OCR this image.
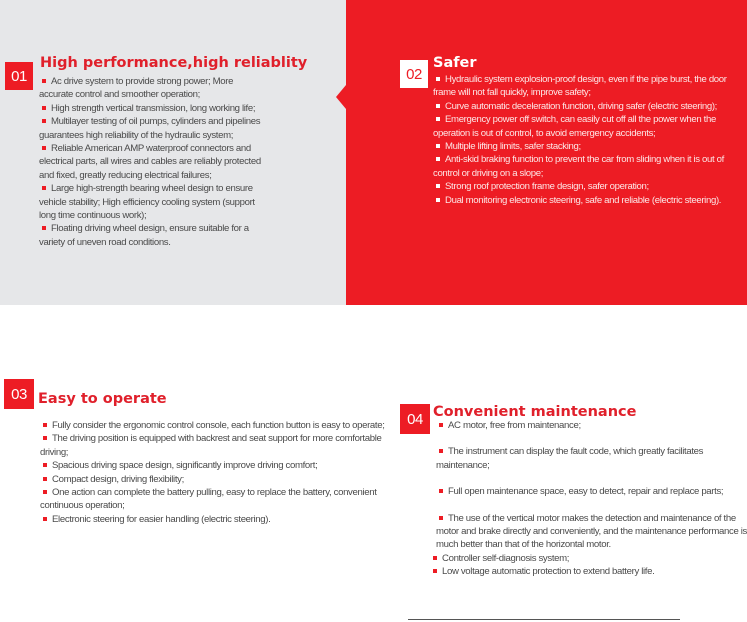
01
High performance,high reliablity
Ac drive system to provide strong power; More accurate control and smoother operation;
High strength vertical transmission, long working life;
Multilayer testing of oil pumps, cylinders and pipelines guarantees high reliability of the hydraulic system;
Reliable American AMP waterproof connectors and electrical parts, all wires and cables are reliably protected and fixed, greatly reducing electrical failures;
Large high-strength bearing wheel design to ensure vehicle stability; High efficiency cooling system (support long time continuous work);
Floating driving wheel design, ensure suitable for a variety of uneven road conditions.
02
Safer
Hydraulic system explosion-proof design, even if the pipe burst, the door frame will not fall quickly, improve safety;
Curve automatic deceleration function, driving safer (electric steering);
Emergency power off switch, can easily cut off all the power when the operation is out of control, to avoid emergency accidents;
Multiple lifting limits, safer stacking;
Anti-skid braking function to prevent the car from sliding when it is out of control or driving on a slope;
Strong roof protection frame design, safer operation;
Dual monitoring electronic steering, safe and reliable (electric steering).
03 Easy to operate
Fully consider the ergonomic control console, each function button is easy to operate;
The driving position is equipped with backrest and seat support for more comfortable driving;
Spacious driving space design, significantly improve driving comfort;
Compact design, driving flexibility;
One action can complete the battery pulling, easy to replace the battery, convenient continuous operation;
Electronic steering for easier handling (electric steering).
04 Convenient maintenance
AC motor, free from maintenance;
The instrument can display the fault code, which greatly facilitates maintenance;
Full open maintenance space, easy to detect, repair and replace parts;
The use of the vertical motor makes the detection and maintenance of the motor and brake directly and conveniently, and the maintenance performance is much better than that of the horizontal motor.
Controller self-diagnosis system;
Low voltage automatic protection to extend battery life.
